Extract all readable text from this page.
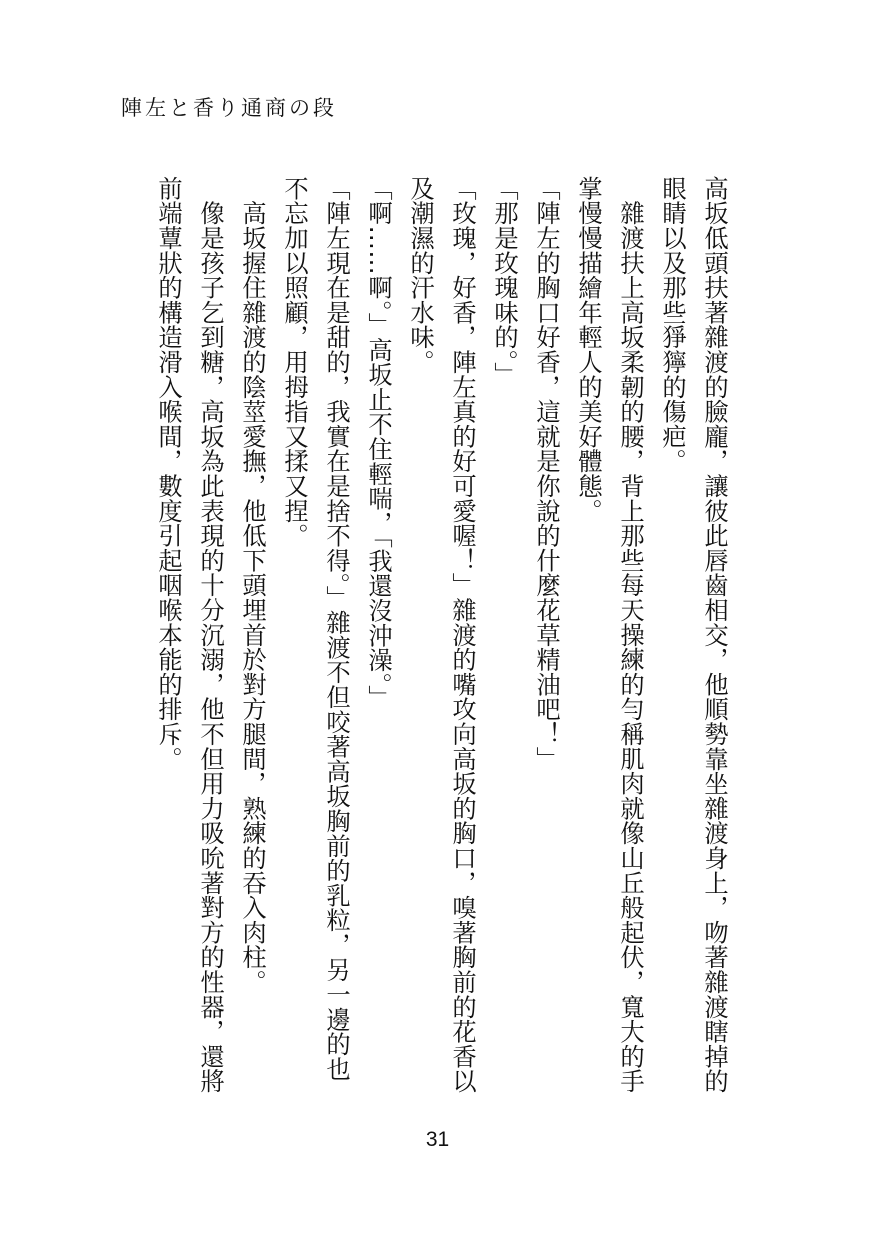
陣左と香り通商の段

高坂低頭扶著雜渡的臉龐，讓彼此唇齒相交，他順勢靠坐雜渡身上，吻著雜渡瞎掉的眼睛以及那些猙獰的傷疤。

　雜渡扶上高坂柔韌的腰，背上那些每天操練的勻稱肌肉就像山丘般起伏，寬大的手掌慢慢描繪年輕人的美好體態。

「陣左的胸口好香，這就是你說的什麼花草精油吧！」

「那是玫瑰味的。」

「玫瑰，好香，陣左真的好可愛喔！」雜渡的嘴攻向高坂的胸口，嗅著胸前的花香以及潮濕的汗水味。

「啊……啊。」高坂止不住輕喘，「我還沒沖澡。」

「陣左現在是甜的，我實在是捨不得。」雜渡不但咬著高坂胸前的乳粒，另一邊的也不忘加以照顧，用拇指又揉又捏。

　高坂握住雜渡的陰莖愛撫，他低下頭埋首於對方腿間，熟練的吞入肉柱。

　像是孩子乞到糖，高坂為此表現的十分沉溺，他不但用力吸吮著對方的性器，還將前端蕈狀的構造滑入喉間，數度引起咽喉本能的排斥。

31
